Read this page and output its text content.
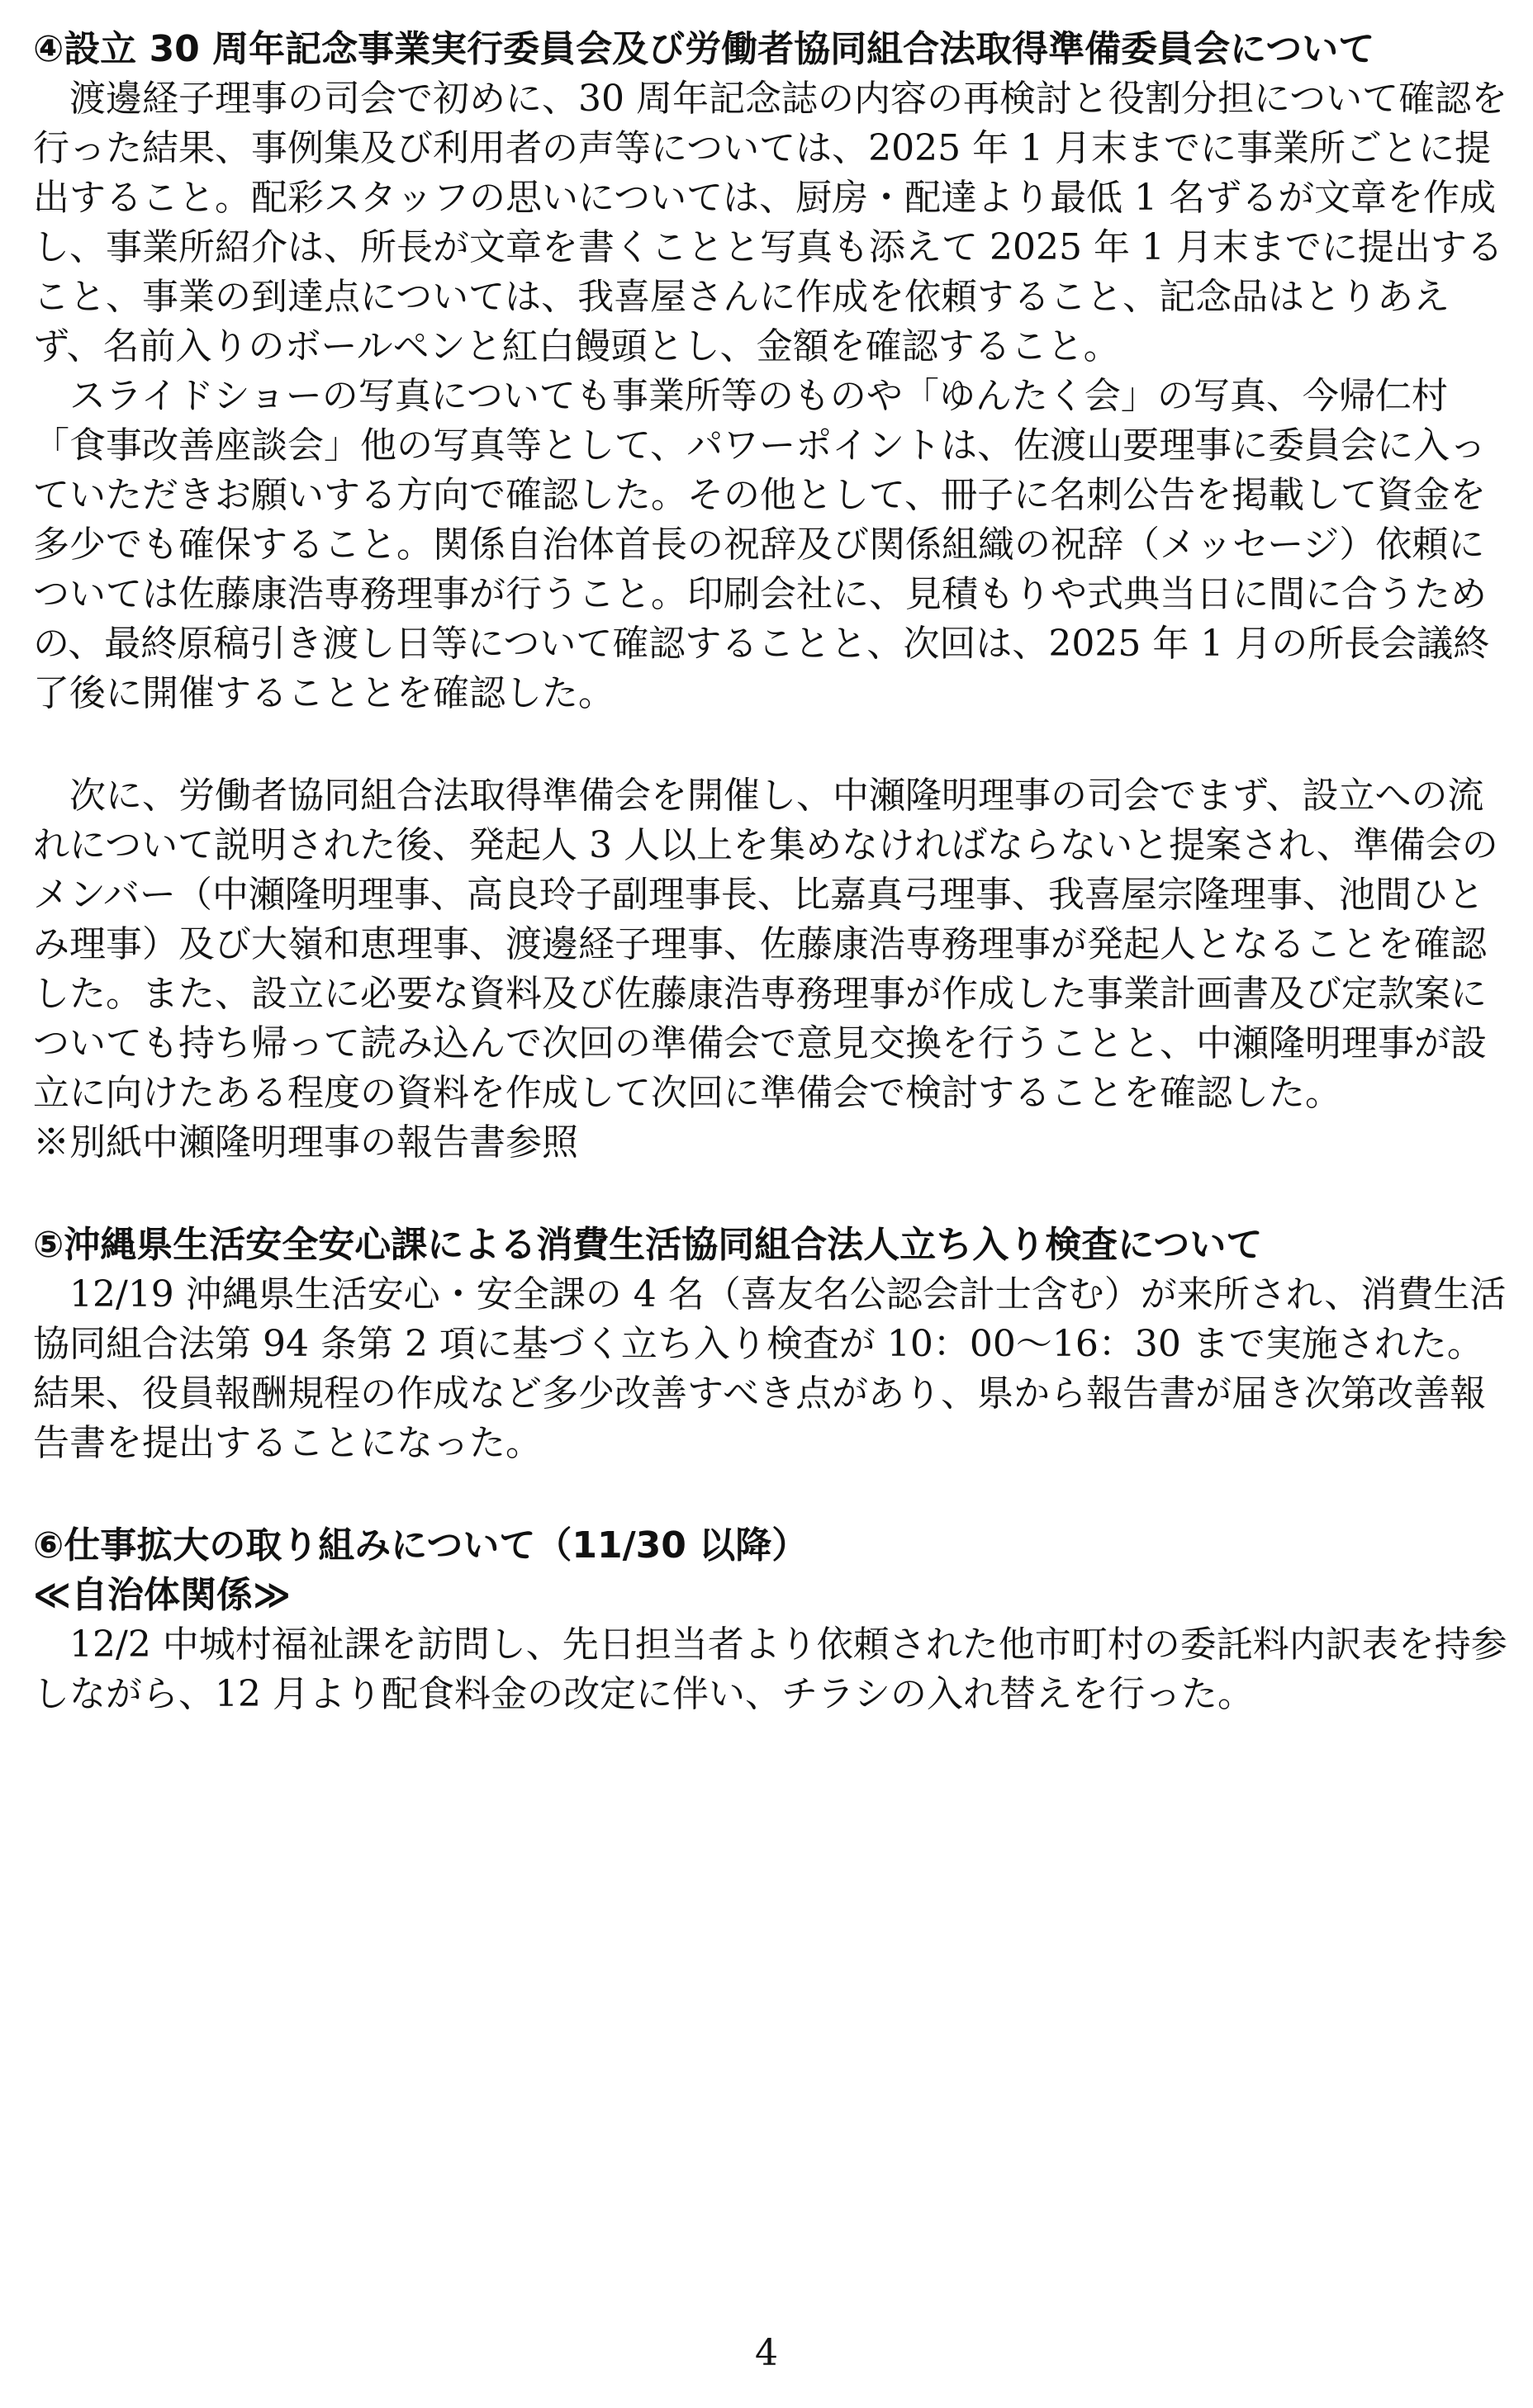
④設立 30 周年記念事業実行委員会及び労働者協同組合法取得準備委員会について
渡邊経子理事の司会で初めに、30 周年記念誌の内容の再検討と役割分担について確認を
行った結果、事例集及び利用者の声等については、2025 年 1 月末までに事業所ごとに提
出すること。配彩スタッフの思いについては、厨房・配達より最低 1 名ずるが文章を作成
し、事業所紹介は、所長が文章を書くことと写真も添えて 2025 年 1 月末までに提出する
こと、事業の到達点については、我喜屋さんに作成を依頼すること、記念品はとりあえ
ず、名前入りのボールペンと紅白饅頭とし、金額を確認すること。
スライドショーの写真についても事業所等のものや「ゆんたく会」の写真、今帰仁村
「食事改善座談会」他の写真等として、パワーポイントは、佐渡山要理事に委員会に入っ
ていただきお願いする方向で確認した。その他として、冊子に名刺公告を掲載して資金を
多少でも確保すること。関係自治体首長の祝辞及び関係組織の祝辞（メッセージ）依頼に
ついては佐藤康浩専務理事が行うこと。印刷会社に、見積もりや式典当日に間に合うため
の、最終原稿引き渡し日等について確認することと、次回は、2025 年 1 月の所長会議終
了後に開催することとを確認した。
次に、労働者協同組合法取得準備会を開催し、中瀬隆明理事の司会でまず、設立への流
れについて説明された後、発起人 3 人以上を集めなければならないと提案され、準備会の
メンバー（中瀬隆明理事、高良玲子副理事長、比嘉真弓理事、我喜屋宗隆理事、池間ひと
み理事）及び大嶺和恵理事、渡邊経子理事、佐藤康浩専務理事が発起人となることを確認
した。また、設立に必要な資料及び佐藤康浩専務理事が作成した事業計画書及び定款案に
ついても持ち帰って読み込んで次回の準備会で意見交換を行うことと、中瀬隆明理事が設
立に向けたある程度の資料を作成して次回に準備会で検討することを確認した。
※別紙中瀬隆明理事の報告書参照
⑤沖縄県生活安全安心課による消費生活協同組合法人立ち入り検査について
12/19 沖縄県生活安心・安全課の 4 名（喜友名公認会計士含む）が来所され、消費生活
協同組合法第 94 条第 2 項に基づく立ち入り検査が 10：00～16：30 まで実施された。
結果、役員報酬規程の作成など多少改善すべき点があり、県から報告書が届き次第改善報
告書を提出することになった。
⑥仕事拡大の取り組みについて（11/30 以降）
≪自治体関係≫
12/2 中城村福祉課を訪問し、先日担当者より依頼された他市町村の委託料内訳表を持参
しながら、12 月より配食料金の改定に伴い、チラシの入れ替えを行った。
4
